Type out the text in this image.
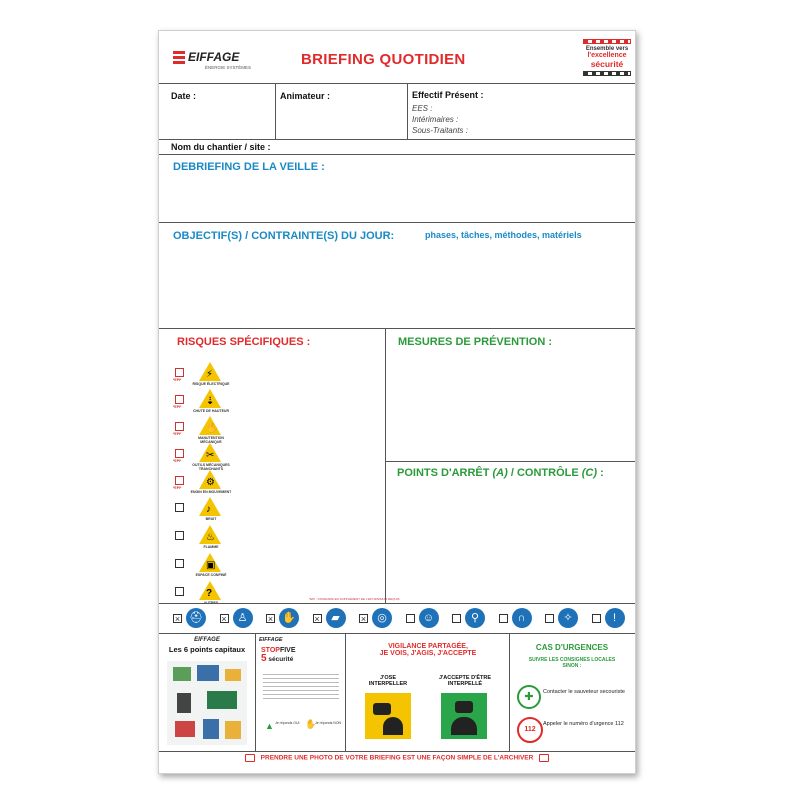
EIFFAGE
ÉNERGIE SYSTÈMES	BRIEFING QUOTIDIEN
Ensemble vers
l'excellence
sécurité
Date :	Animateur :	Effectif Présent :
EES :
Intérimaires :
Sous-Traitants :
Nom du chantier / site :
DEBRIEFING DE LA VEILLE :
OBJECTIF(S) / CONTRAINTE(S) DU JOUR:	phases, tâches, méthodes, matériels
RISQUES SPÉCIFIQUES :	MESURES DE PRÉVENTION :
POINTS D'ARRÊT (A) / CONTRÔLE (C) :
*EPI* ⚡
RISQUE ÉLECTRIQUE
*EPI* ⇣
CHUTE DE HAUTEUR
*EPI* ✋
MANUTENTION MÉCANIQUE
*EPI* ✂
OUTILS MÉCANIQUES TRANCHANTS
*EPI* ⚙
ENGIN EN MOUVEMENT
♪
BRUIT
♨
FLAMME
▣
ESPACE CONFINÉ
?	*EPI : STANDARD EN SUPPLÉMENT DE L'EPI MINIMUM REQUIS
× ⛑	× ♙	× ✋	×	▰	×	◎	☺	⚲	∩	✧	!
EIFFAGE
Les 6 points capitaux
EIFFAGE
STOPFIVE
5 sécurité
▲ Je réponds OUI ✋
Je réponds NON
VIGILANCE PARTAGÉE,
JE VOIS, J'AGIS, J'ACCEPTE
J'OSE INTERPELLER
J'ACCEPTE D'ÊTRE INTERPELLÉ
CAS D'URGENCES
SUIVRE LES CONSIGNES LOCALES
SINON :
✚	Contacter le sauveteur secouriste
112
Appeler le numéro d'urgence 112
PRENDRE UNE PHOTO DE VOTRE BRIEFING EST UNE FAÇON SIMPLE DE L'ARCHIVER
